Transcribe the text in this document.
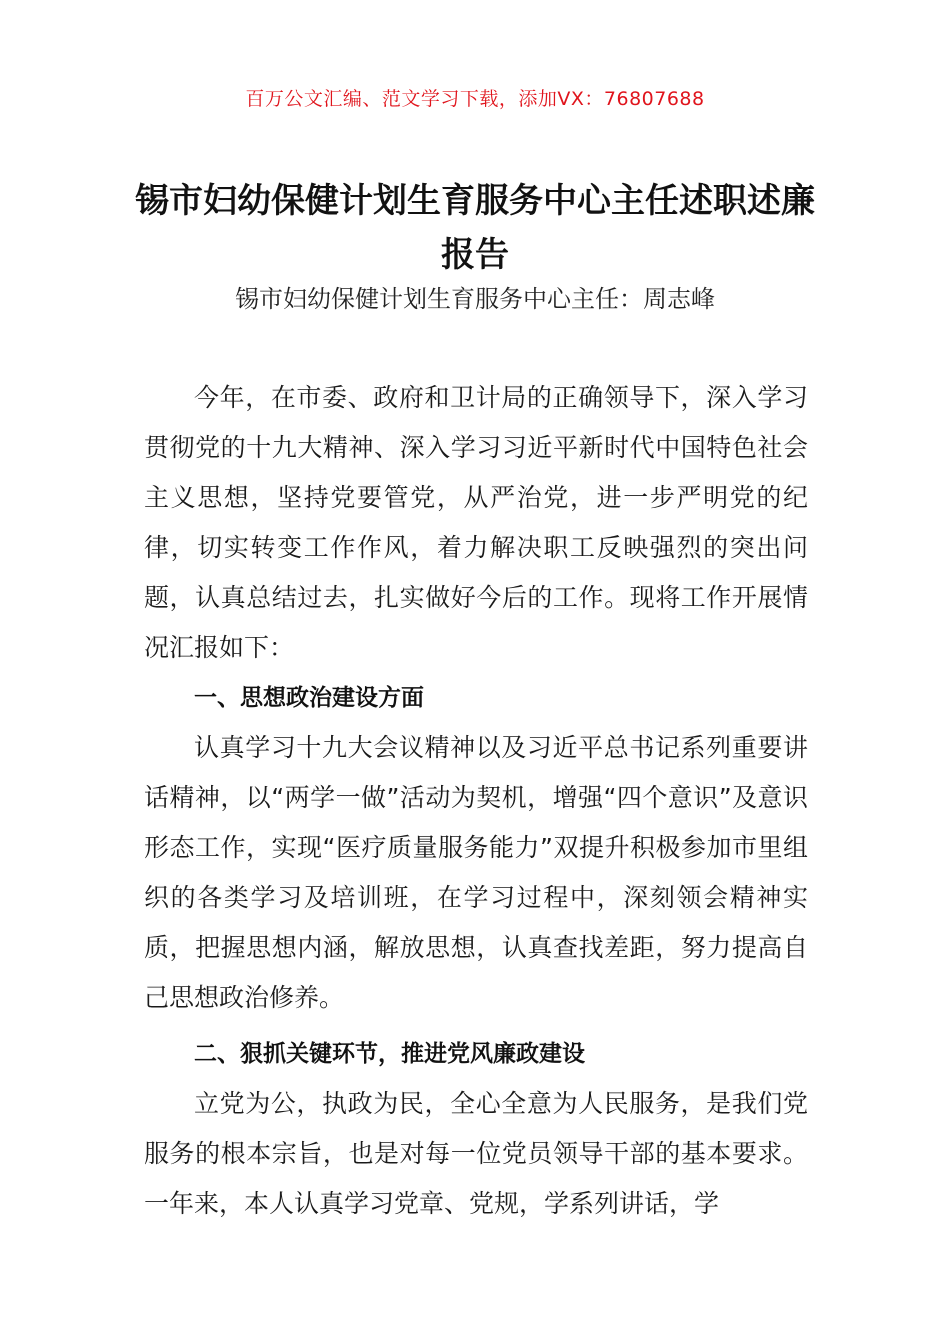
百万公文汇编、范文学习下载，添加VX：76807688
锡市妇幼保健计划生育服务中心主任述职述廉报告
锡市妇幼保健计划生育服务中心主任：周志峰

今年，在市委、政府和卫计局的正确领导下，深入学习贯彻党的十九大精神、深入学习习近平新时代中国特色社会主义思想，坚持党要管党，从严治党，进一步严明党的纪律，切实转变工作作风，着力解决职工反映强烈的突出问题，认真总结过去，扎实做好今后的工作。现将工作开展情况汇报如下：

一、思想政治建设方面

认真学习十九大会议精神以及习近平总书记系列重要讲话精神，以“两学一做”活动为契机，增强“四个意识”及意识形态工作，实现“医疗质量服务能力”双提升积极参加市里组织的各类学习及培训班，在学习过程中，深刻领会精神实质，把握思想内涵，解放思想，认真查找差距，努力提高自己思想政治修养。

二、狠抓关键环节，推进党风廉政建设

立党为公，执政为民，全心全意为人民服务，是我们党服务的根本宗旨，也是对每一位党员领导干部的基本要求。一年来，本人认真学习党章、党规，学系列讲话，学
